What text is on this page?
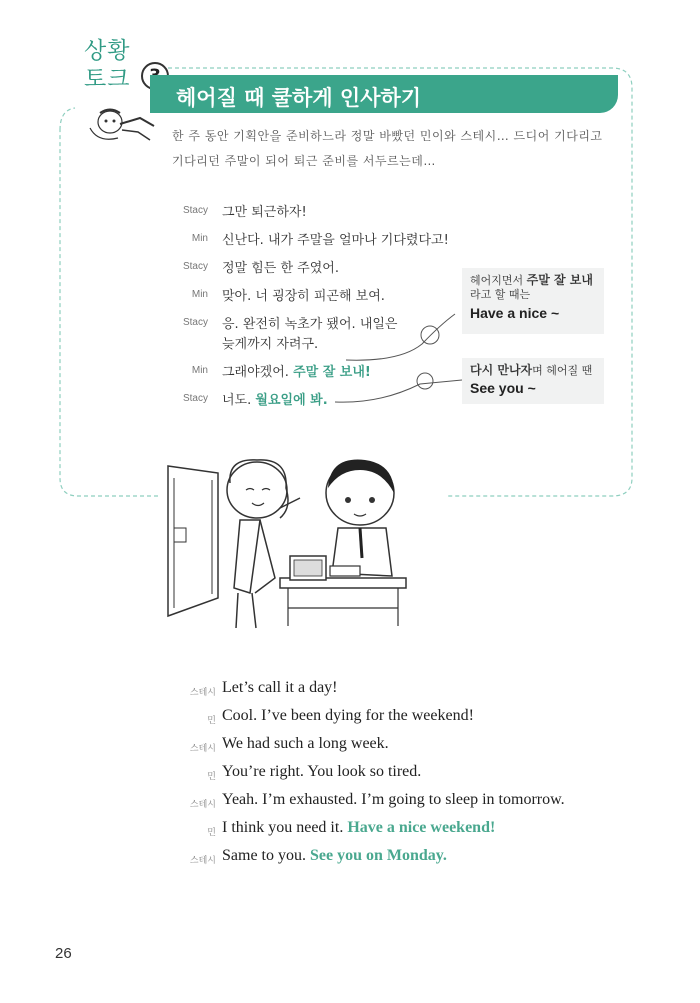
상황
토크
헤어질 때 쿨하게 인사하기
한 주 동안 기획안을 준비하느라 정말 바빴던 민이와 스테시… 드디어 기다리고
기다리던 주말이 되어 퇴근 준비를 서두르는데…
Stacy 그만 퇴근하자!
Min 신난다. 내가 주말을 얼마나 기다렸다고!
Stacy 정말 힘든 한 주였어.
Min 맞아. 너 굉장히 피곤해 보여.
Stacy 응. 완전히 녹초가 됐어. 내일은
늦게까지 자려구.
Min 그래야겠어. 주말 잘 보내!
Stacy 너도. 월요일에 봐.
헤어지면서 주말 잘 보내
라고 할 때는
Have a nice ~
다시 만나자며 헤어질 땐
See you ~
스테시 Let’s call it a day!
민 Cool. I’ve been dying for the weekend!
스테시 We had such a long week.
민 You’re right. You look so tired.
스테시 Yeah. I’m exhausted. I’m going to sleep in tomorrow.
민 I think you need it. Have a nice weekend!
스테시 Same to you. See you on Monday.
26
